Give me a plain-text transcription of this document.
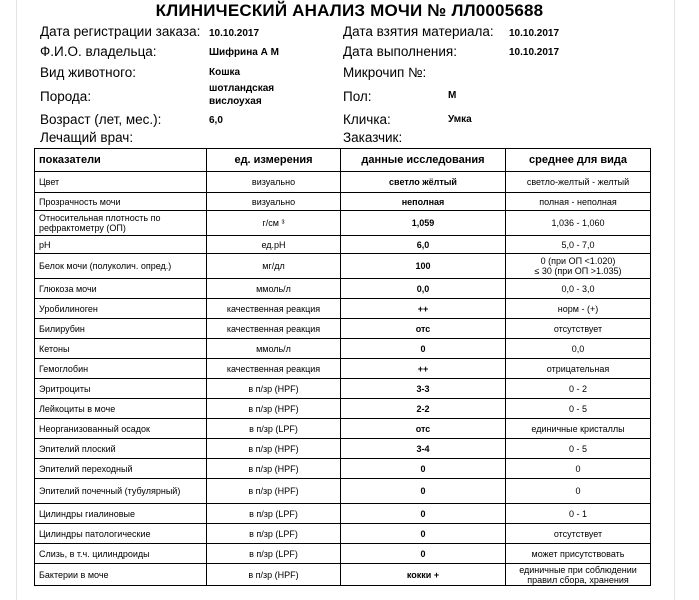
КЛИНИЧЕСКИЙ АНАЛИЗ МОЧИ № ЛЛ0005688
Дата регистрации заказа: 10.10.2017
Ф.И.О. владельца:	Шифрина А М
Вид животного:	Кошка
Порода:
шотландская
вислоухая
Возраст (лет, мес.):	6,0
Лечащий врач:
Дата взятия материала: 10.10.2017
Дата выполнения:	10.10.2017
Микрочип №:
Пол:	М
Кличка:	Умка
Заказчик:
показатели	ед. измерения	данные исследования	среднее для вида
Цвет	визуально	светло жёлтый	светло-желтый - желтый
Прозрачность мочи	визуально	неполная	полная - неполная
Относительная плотность по рефрактометру (ОП)	г/см ³	1,059	1,036 - 1,060
pH	ед.pH	6,0	5,0 - 7,0
Белок мочи (полуколич. опред.)	мг/дл	100	0 (при ОП <1.020)
≤ 30 (при ОП >1.035)
Глюкоза мочи	ммоль/л	0,0	0,0 - 3,0
Уробилиноген	качественная реакция	++	норм - (+)
Билирубин	качественная реакция	отс	отсутствует
Кетоны	ммоль/л	0	0,0
Гемоглобин	качественная реакция	++	отрицательная
Эритроциты	в п/зр (HPF)	3-3	0 - 2
Лейкоциты в моче	в п/зр (HPF)	2-2	0 - 5
Неорганизованный осадок	в п/зр (LPF)	отс	единичные кристаллы
Эпителий плоский	в п/зр (HPF)	3-4	0 - 5
Эпителий переходный	в п/зр (HPF)	0	0
Эпителий почечный (тубулярный)	в п/зр (HPF)	0	0
Цилиндры гиалиновые	в п/зр (LPF)	0	0 - 1
Цилиндры патологические	в п/зр (LPF)	0	отсутствует
Слизь, в т.ч. цилиндроиды	в п/зр (LPF)	0	может присутствовать
Бактерии в моче	в п/зр (HPF)	кокки +	единичные при соблюдении
правил сбора, хранения
